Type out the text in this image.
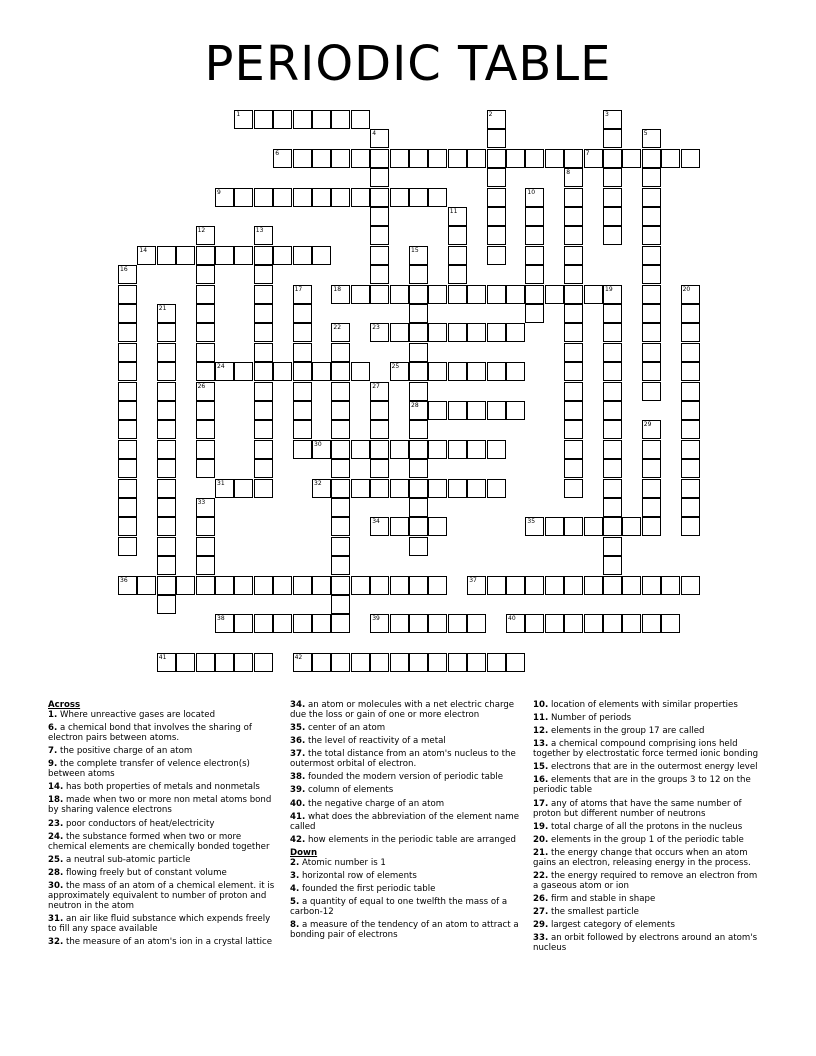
PERIODIC TABLE
1
6	7
9
14
18	19
23
24	25
28
30
31	32
34	35
36	37
38	39	40
41	42
2	3
4	5
8
10
11
12
26
13
15
16
17	20
21
22
27
29
33
Across
1. Where unreactive gases are located
6. a chemical bond that involves the sharing of electron pairs between atoms.
7. the positive charge of an atom
9. the complete transfer of velence electron(s) between atoms
14. has both properties of metals and nonmetals
18. made when two or more non metal atoms bond by sharing valence electrons
23. poor conductors of heat/electricity
24. the substance formed when two or more chemical elements are chemically bonded together
25. a neutral sub-atomic particle
28. flowing freely but of constant volume
30. the mass of an atom of a chemical element. it is approximately equivalent to number of proton and neutron in the atom
31. an air like fluid substance which expends freely to fill any space available
32. the measure of an atom's ion in a crystal lattice
34. an atom or molecules with a net electric charge due the loss or gain of one or more electron
35. center of an atom
36. the level of reactivity of a metal
37. the total distance from an atom's nucleus to the outermost orbital of electron.
38. founded the modern version of periodic table
39. column of elements
40. the negative charge of an atom
41. what does the abbreviation of the element name called
42. how elements in the periodic table are arranged
Down
2. Atomic number is 1
3. horizontal row of elements
4. founded the first periodic table
5. a quantity of equal to one twelfth the mass of a carbon-12
8. a measure of the tendency of an atom to attract a bonding pair of electrons
10. location of elements with similar properties
11. Number of periods
12. elements in the group 17 are called
13. a chemical compound comprising ions held together by electrostatic force termed ionic bonding
15. electrons that are in the outermost energy level
16. elements that are in the groups 3 to 12 on the periodic table
17. any of atoms that have the same number of proton but different number of neutrons
19. total charge of all the protons in the nucleus
20. elements in the group 1 of the periodic table
21. the energy change that occurs when an atom gains an electron, releasing energy in the process.
22. the energy required to remove an electron from a gaseous atom or ion
26. firm and stable in shape
27. the smallest particle
29. largest category of elements
33. an orbit followed by electrons around an atom's nucleus
